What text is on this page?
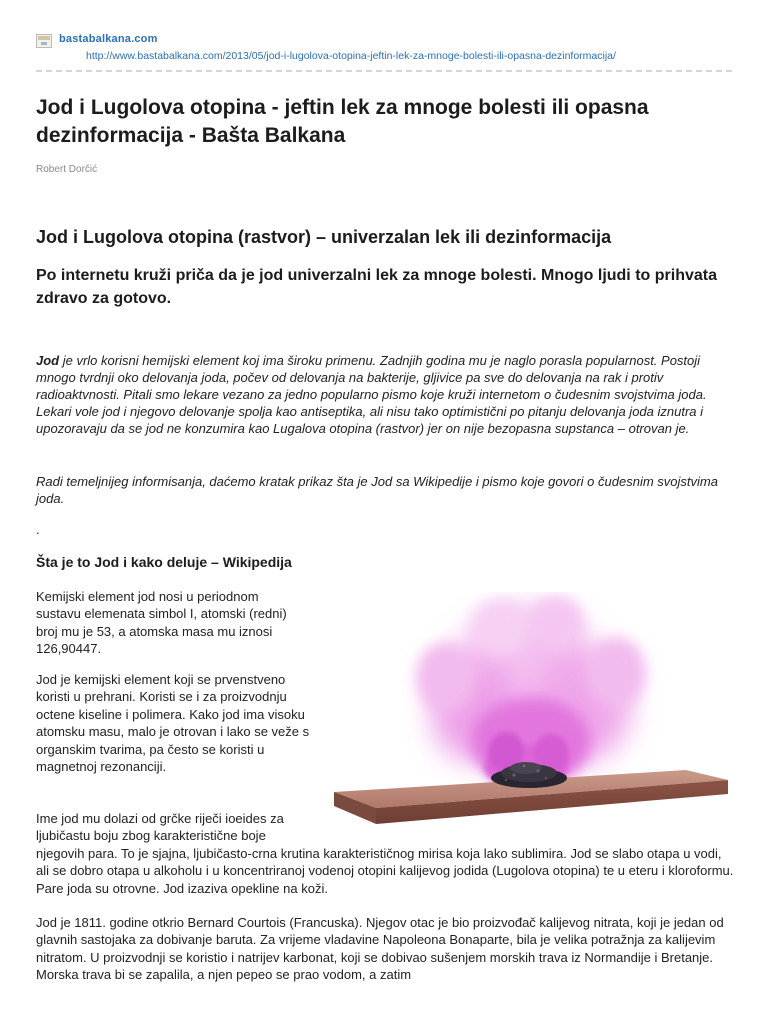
bastabalkana.com
http://www.bastabalkana.com/2013/05/jod-i-lugolova-otopina-jeftin-lek-za-mnoge-bolesti-ili-opasna-dezinformacija/
Jod i Lugolova otopina - jeftin lek za mnoge bolesti ili opasna
dezinformacija - Bašta Balkana
Robert Dorčić
Jod i Lugolova otopina (rastvor) – univerzalan lek ili dezinformacija

Po internetu kruži priča da je jod univerzalni lek za mnoge bolesti. Mnogo ljudi to prihvata zdravo za gotovo.

Jod je vrlo korisni hemijski element koj ima široku primenu. Zadnjih godina mu je naglo porasla popularnost. Postoji mnogo tvrdnji oko delovanja joda, počev od delovanja na bakterije, gljivice pa sve do delovanja na rak i protiv radioaktvnosti. Pitali smo lekare vezano za jedno popularno pismo koje kruži internetom o čudesnim svojstvima joda. Lekari vole jod i njegovo delovanje spolja kao antiseptika, ali nisu tako optimistični po pitanju delovanja joda iznutra i upozoravaju da se jod ne konzumira kao Lugalova otopina (rastvor) jer on nije bezopasna supstanca – otrovan je.

Radi temeljnijeg informisanja, daćemo kratak prikaz šta je Jod sa Wikipedije i pismo koje govori o čudesnim svojstvima joda.

.
Šta je to Jod i kako deluje – Wikipedija

Kemijski element jod nosi u periodnom sustavu elemenata simbol I, atomski (redni) broj mu je 53, a atomska masa mu iznosi 126,90447.

Jod je kemijski element koji se prvenstveno koristi u prehrani. Koristi se i za proizvodnju octene kiseline i polimera. Kako jod ima visoku atomsku masu, malo je otrovan i lako se veže s organskim tvarima, pa često se koristi u magnetnoj rezonanciji.

Ime jod mu dolazi od grčke riječi ioeides za ljubičastu boju zbog karakteristične boje

njegovih para. To je sjajna, ljubičasto-crna krutina karakterističnog mirisa koja lako sublimira. Jod se slabo otapa u vodi, ali se dobro otapa u alkoholu i u koncentriranoj vodenoj otopini kalijevog jodida (Lugolova otopina) te u eteru i kloroformu. Pare joda su otrovne. Jod izaziva opekline na koži.

Jod je 1811. godine otkrio Bernard Courtois (Francuska). Njegov otac je bio proizvođač kalijevog nitrata, koji je jedan od glavnih sastojaka za dobivanje baruta. Za vrijeme vladavine Napoleona Bonaparte, bila je velika potražnja za kalijevim nitratom. U proizvodnji se koristio i natrijev karbonat, koji se dobivao sušenjem morskih trava iz Normandije i Bretanje. Morska trava bi se zapalila, a njen pepeo se prao vodom, a zatim
